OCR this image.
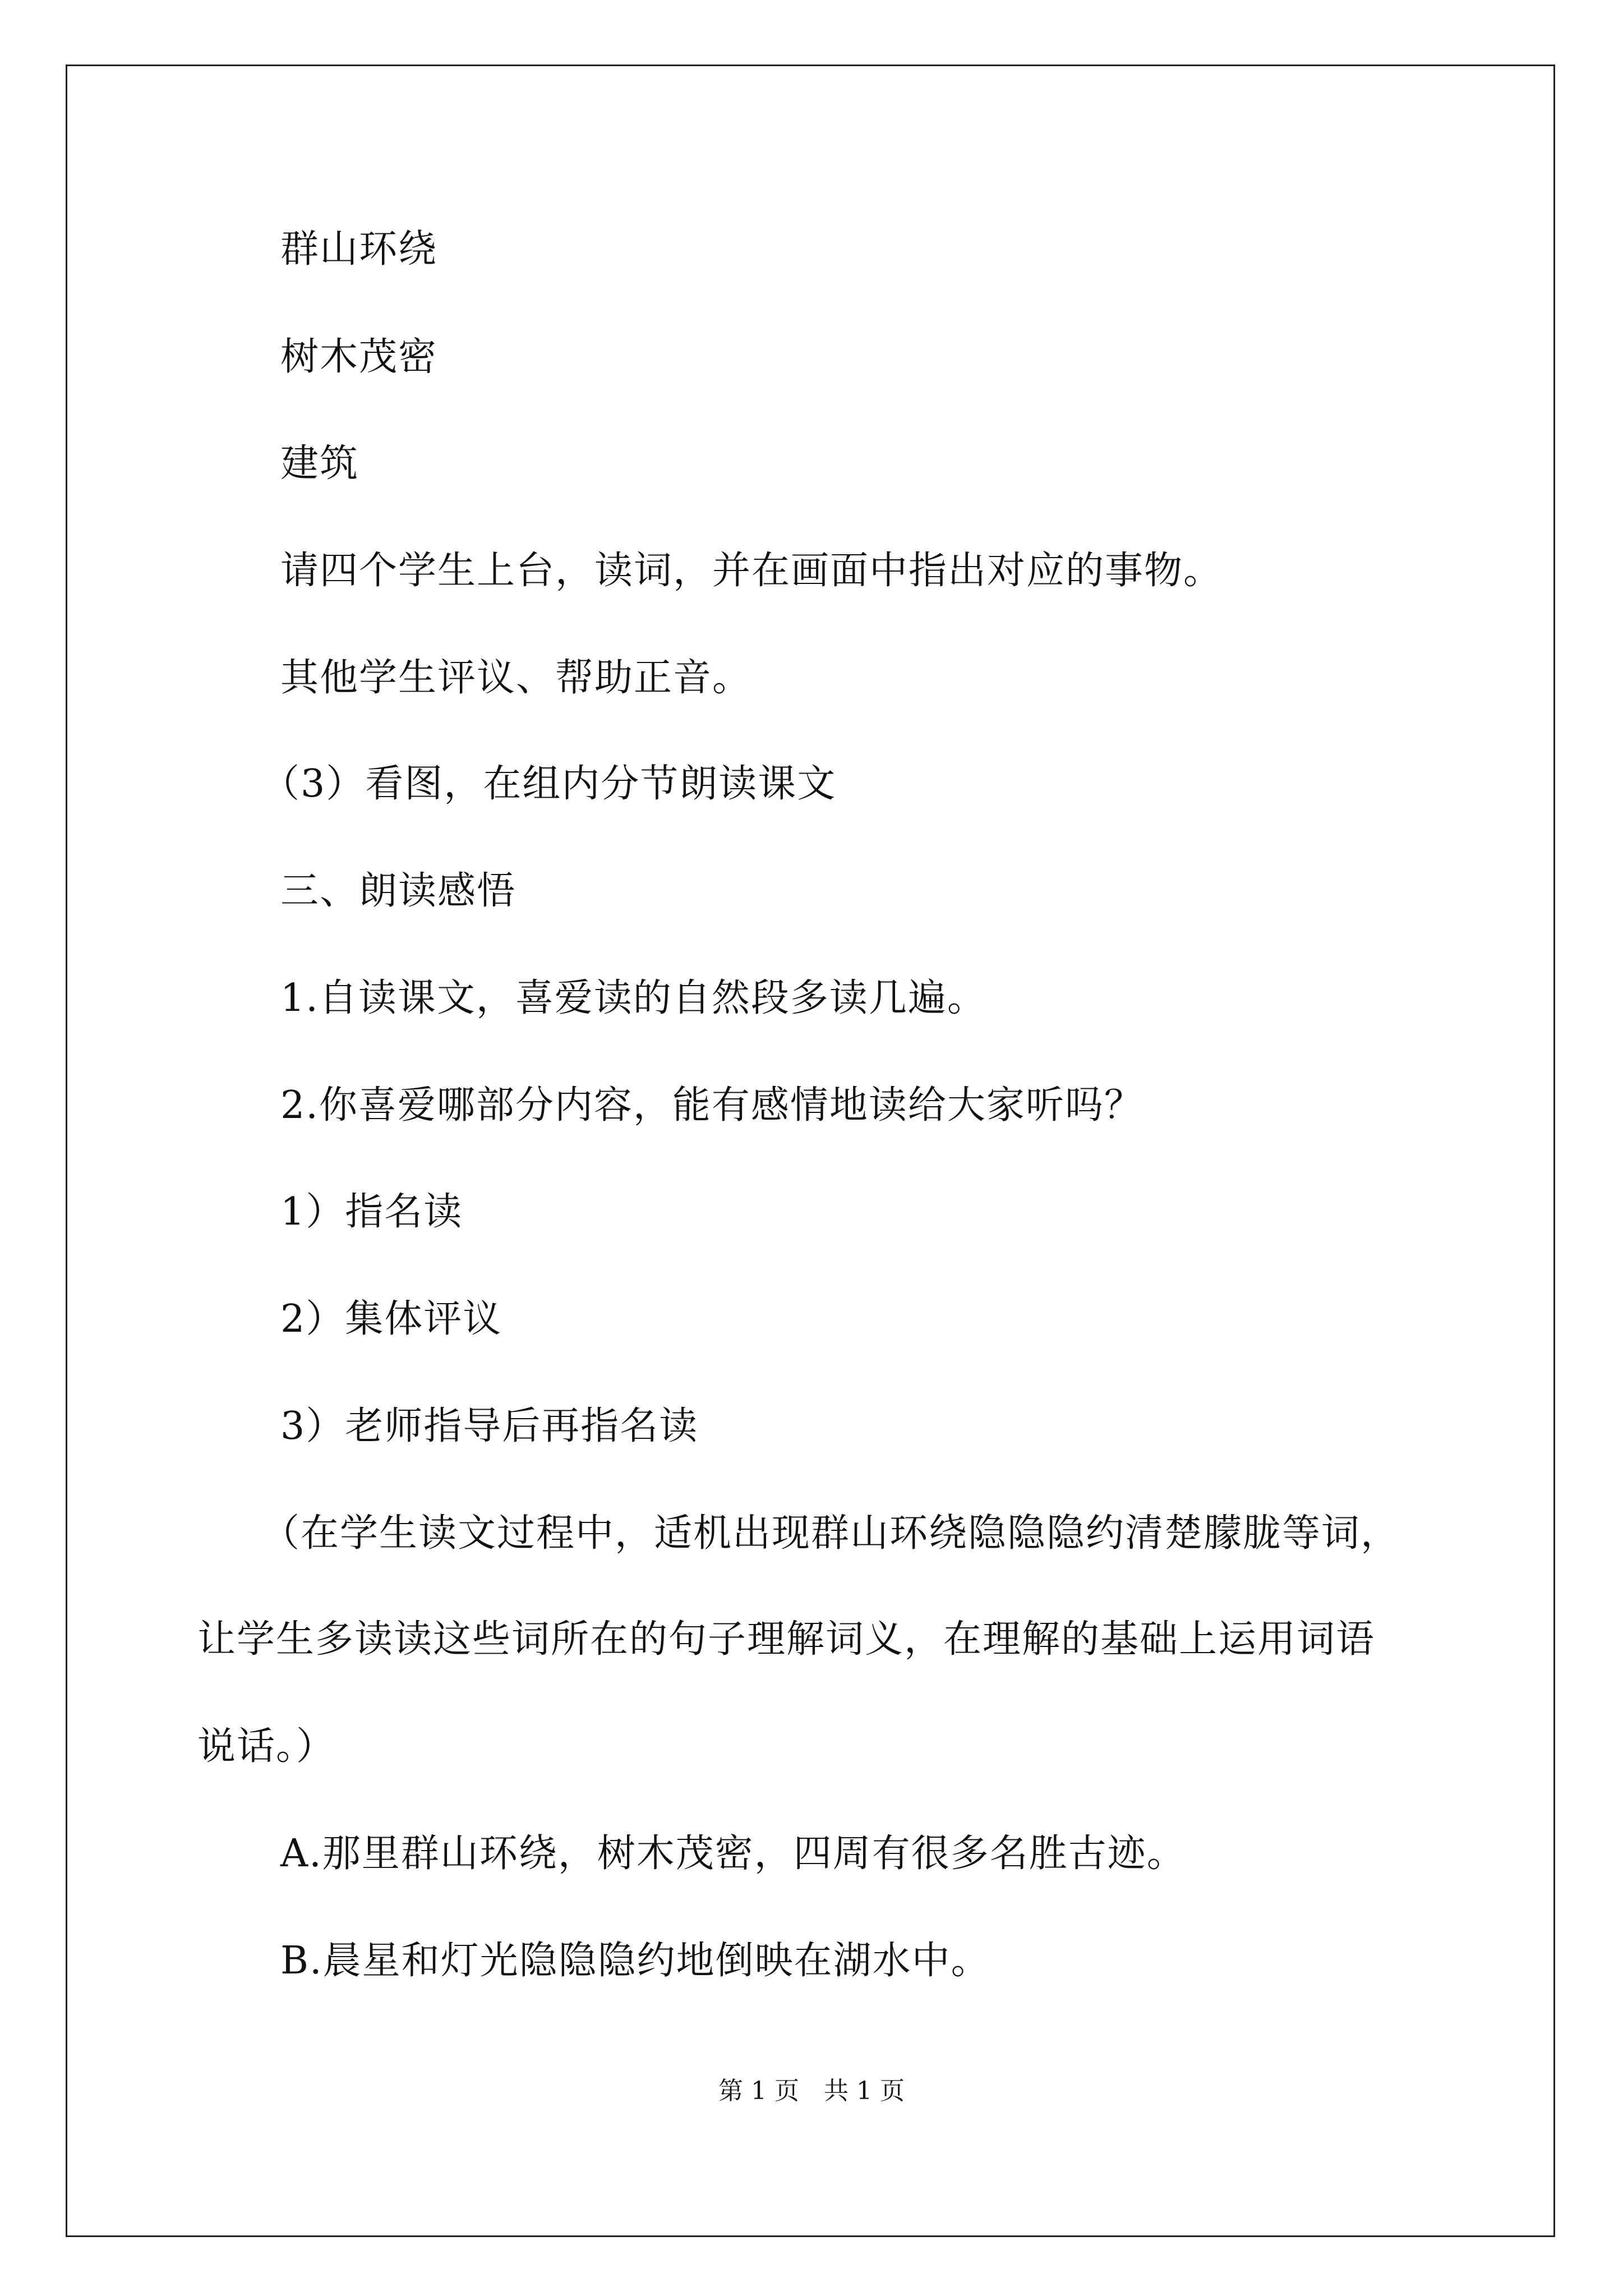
群山环绕
树木茂密
建筑
请四个学生上台，读词，并在画面中指出对应的事物。
其他学生评议、帮助正音。
（3）看图，在组内分节朗读课文
三、朗读感悟
1.自读课文，喜爱读的自然段多读几遍。
2.你喜爱哪部分内容，能有感情地读给大家听吗？
1）指名读
2）集体评议
3）老师指导后再指名读
（在学生读文过程中，适机出现群山环绕隐隐隐约清楚朦胧等词，
让学生多读读这些词所在的句子理解词义，在理解的基础上运用词语
说话。）
A.那里群山环绕，树木茂密，四周有很多名胜古迹。
B.晨星和灯光隐隐隐约地倒映在湖水中。
第 1 页　共 1 页
